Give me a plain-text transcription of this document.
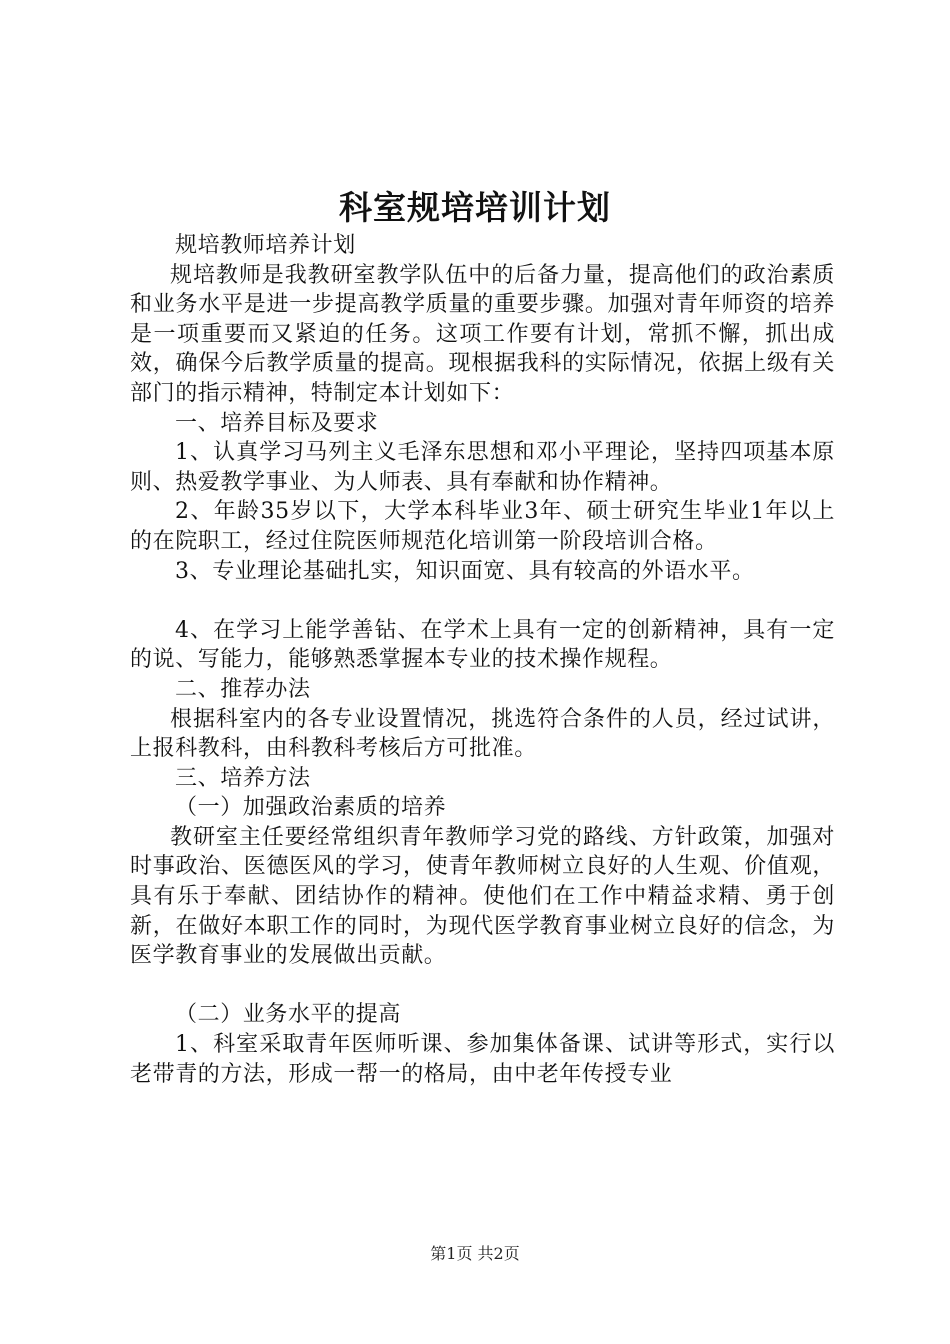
科室规培培训计划

规培教师培养计划

规培教师是我教研室教学队伍中的后备力量，提高他们的政治素质和业务水平是进一步提高教学质量的重要步骤。加强对青年师资的培养是一项重要而又紧迫的任务。这项工作要有计划，常抓不懈，抓出成效，确保今后教学质量的提高。现根据我科的实际情况，依据上级有关部门的指示精神，特制定本计划如下：

一、培养目标及要求

1、认真学习马列主义毛泽东思想和邓小平理论，坚持四项基本原则、热爱教学事业、为人师表、具有奉献和协作精神。

2、年龄35岁以下，大学本科毕业3年、硕士研究生毕业1年以上的在院职工，经过住院医师规范化培训第一阶段培训合格。

3、专业理论基础扎实，知识面宽、具有较高的外语水平。

4、在学习上能学善钻、在学术上具有一定的创新精神，具有一定的说、写能力，能够熟悉掌握本专业的技术操作规程。

二、推荐办法

根据科室内的各专业设置情况，挑选符合条件的人员，经过试讲，上报科教科，由科教科考核后方可批准。

三、培养方法

（一）加强政治素质的培养

教研室主任要经常组织青年教师学习党的路线、方针政策，加强对时事政治、医德医风的学习，使青年教师树立良好的人生观、价值观，具有乐于奉献、团结协作的精神。使他们在工作中精益求精、勇于创新，在做好本职工作的同时，为现代医学教育事业树立良好的信念，为医学教育事业的发展做出贡献。

（二）业务水平的提高

1、科室采取青年医师听课、参加集体备课、试讲等形式，实行以老带青的方法，形成一帮一的格局，由中老年传授专业

第1页 共2页
